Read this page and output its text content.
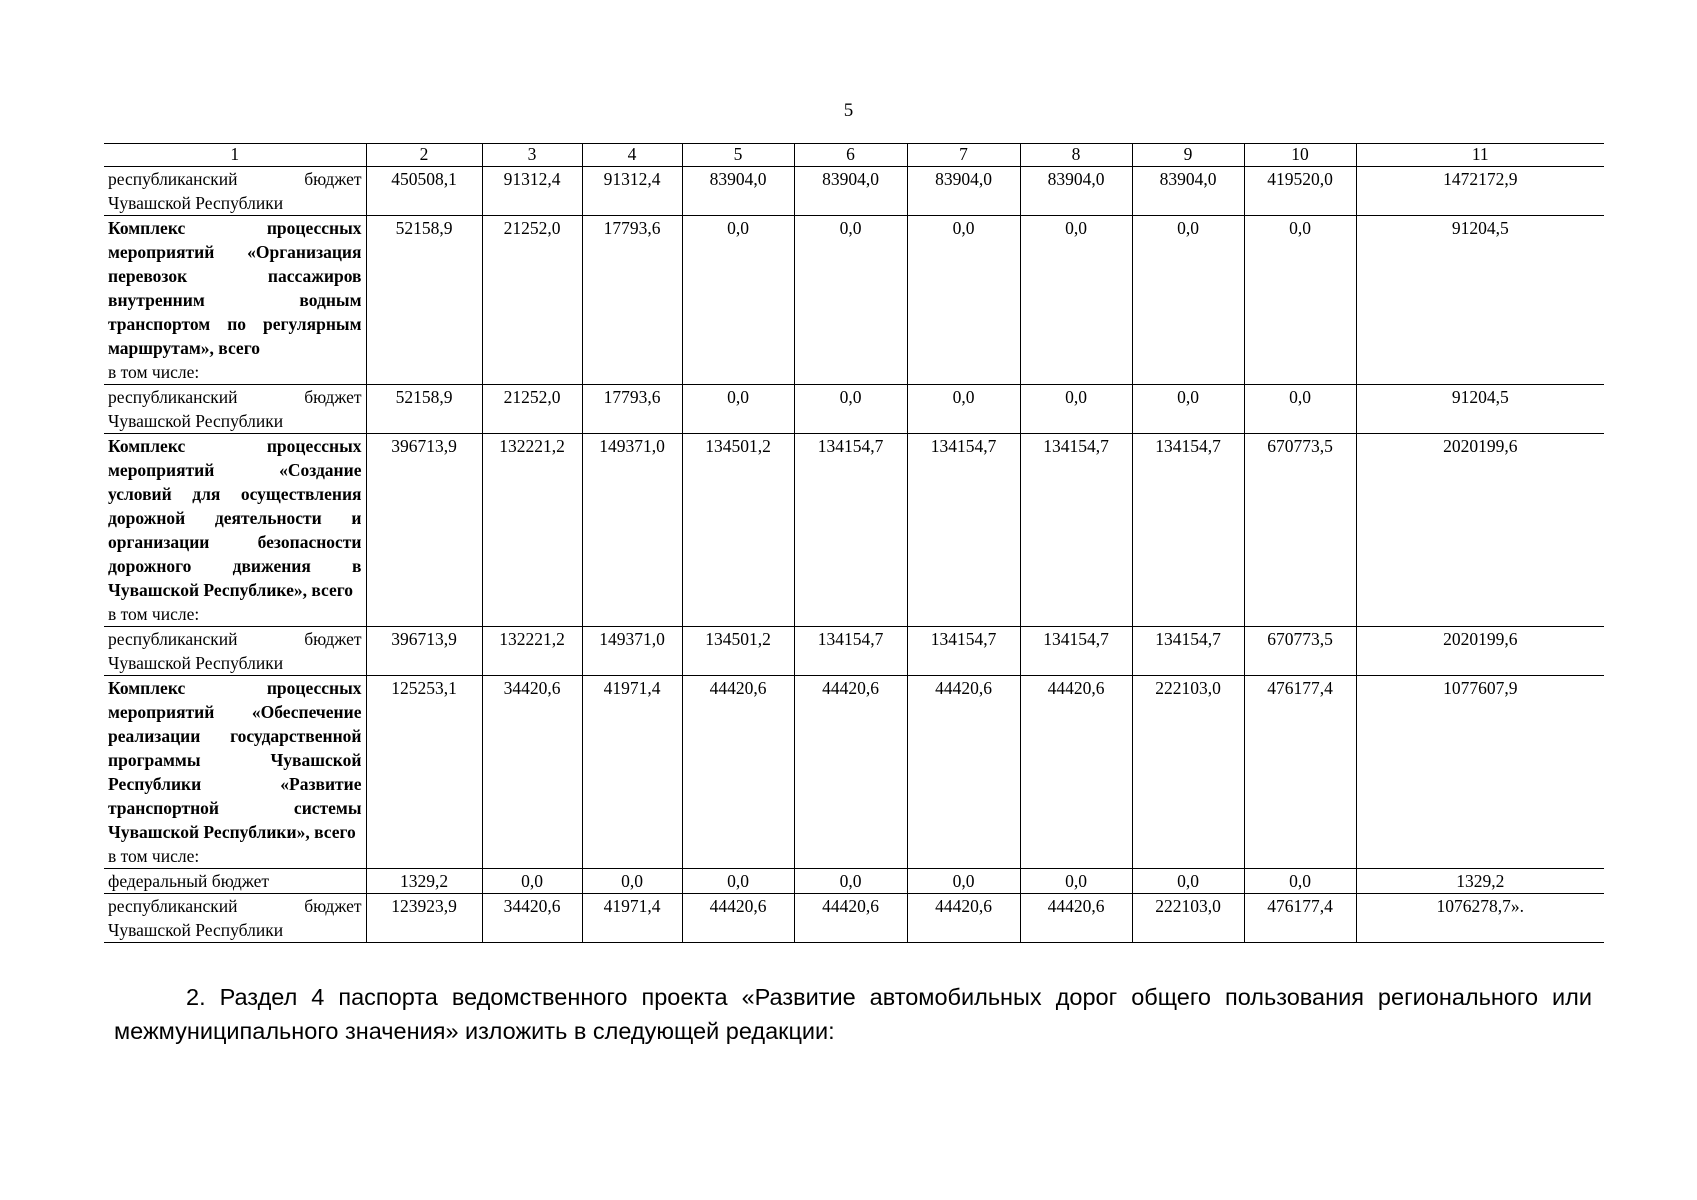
5
1	2	3	4	5	6	7	8	9	10	11

республиканский бюджет Чувашской Республики	450508,1	91312,4	91312,4	83904,0	83904,0	83904,0	83904,0	83904,0	419520,0	1472172,9

Комплекс процессных мероприятий «Организация перевозок пассажиров внутренним водным транспортом по регулярным маршрутам», всего
в том числе:	52158,9	21252,0	17793,6	0,0	0,0	0,0	0,0	0,0	0,0	91204,5

республиканский бюджет Чувашской Республики	52158,9	21252,0	17793,6	0,0	0,0	0,0	0,0	0,0	0,0	91204,5

Комплекс процессных мероприятий «Создание условий для осуществления дорожной деятельности и организации безопасности дорожного движения в Чувашской Республике», всего
в том числе:	396713,9	132221,2	149371,0	134501,2	134154,7	134154,7	134154,7	134154,7	670773,5	2020199,6

республиканский бюджет Чувашской Республики	396713,9	132221,2	149371,0	134501,2	134154,7	134154,7	134154,7	134154,7	670773,5	2020199,6

Комплекс процессных мероприятий «Обеспечение реализации государственной программы Чувашской Республики «Развитие транспортной системы Чувашской Республики», всего
в том числе:	125253,1	34420,6	41971,4	44420,6	44420,6	44420,6	44420,6	222103,0	476177,4	1077607,9

федеральный бюджет	1329,2	0,0	0,0	0,0	0,0	0,0	0,0	0,0	0,0	1329,2

республиканский бюджет Чувашской Республики	123923,9	34420,6	41971,4	44420,6	44420,6	44420,6	44420,6	222103,0	476177,4	1076278,7».
2. Раздел 4 паспорта ведомственного проекта «Развитие автомобильных дорог общего пользования регионального или межмуниципального значения» изложить в следующей редакции:
